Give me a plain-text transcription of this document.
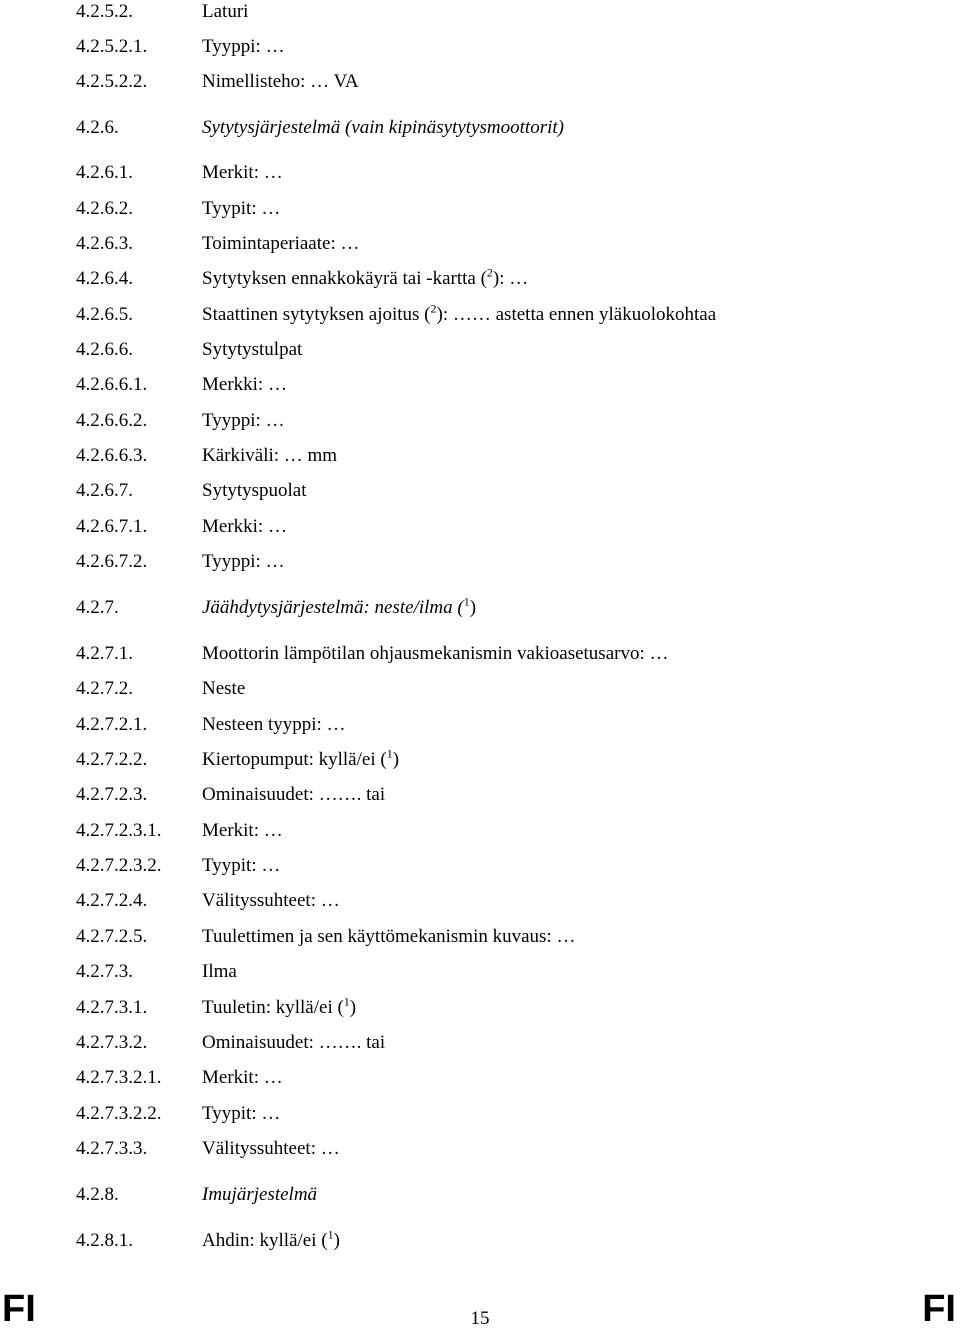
4.2.5.2.	Laturi
4.2.5.2.1.	Tyyppi: …
4.2.5.2.2.	Nimellisteho: … VA
4.2.6.	Sytytysjärjestelmä (vain kipinäsytytysmoottorit)
4.2.6.1.	Merkit: …
4.2.6.2.	Tyypit: …
4.2.6.3.	Toimintaperiaate: …
4.2.6.4.	Sytytyksen ennakkokäyrä tai -kartta ($^2$): …
4.2.6.5.	Staattinen sytytyksen ajoitus ($^2$): …… astetta ennen yläkuolokohtaa
4.2.6.6.	Sytytystulpat
4.2.6.6.1.	Merkki: …
4.2.6.6.2.	Tyyppi: …
4.2.6.6.3.	Kärkiväli: … mm
4.2.6.7.	Sytytyspuolat
4.2.6.7.1.	Merkki: …
4.2.6.7.2.	Tyyppi: …
4.2.7.	Jäähdytysjärjestelmä: neste/ilma ($^1$)
4.2.7.1.	Moottorin lämpötilan ohjausmekanismin vakioasetusarvo: …
4.2.7.2.	Neste
4.2.7.2.1.	Nesteen tyyppi: …
4.2.7.2.2.	Kiertopumput: kyllä/ei ($^1$)
4.2.7.2.3.	Ominaisuudet: ……. tai
4.2.7.2.3.1. Merkit: …
4.2.7.2.3.2. Tyypit: …
4.2.7.2.4.	Välityssuhteet: …
4.2.7.2.5.	Tuulettimen ja sen käyttömekanismin kuvaus: …
4.2.7.3.	Ilma
4.2.7.3.1.	Tuuletin: kyllä/ei ($^1$)
4.2.7.3.2.	Ominaisuudet: ……. tai
4.2.7.3.2.1. Merkit: …
4.2.7.3.2.2. Tyypit: …
4.2.7.3.3.	Välityssuhteet: …
4.2.8.	Imujärjestelmä
4.2.8.1.	Ahdin: kyllä/ei ($^1$)
FI	15	FI
